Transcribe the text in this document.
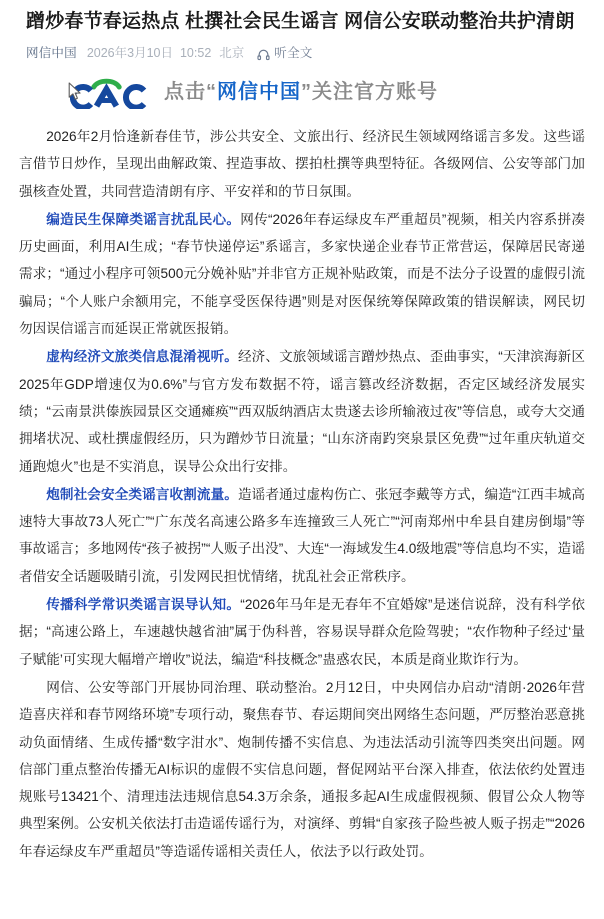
蹭炒春节春运热点 杜撰社会民生谣言 网信公安联动整治共护清朗
网信中国 2026年3月10日 10:52 北京 听全文
点击“网信中国”关注官方账号

2026年2月恰逢新春佳节，涉公共安全、文旅出行、经济民生领域网络谣言多发。这些谣言借节日炒作，呈现出曲解政策、捏造事故、摆拍杜撰等典型特征。各级网信、公安等部门加强核查处置，共同营造清朗有序、平安祥和的节日氛围。

编造民生保障类谣言扰乱民心。网传“2026年春运绿皮车严重超员”视频，相关内容系拼凑历史画面，利用AI生成；“春节快递停运”系谣言，多家快递企业春节正常营运，保障居民寄递需求；“通过小程序可领500元分娩补贴”并非官方正规补贴政策，而是不法分子设置的虚假引流骗局；“个人账户余额用完，不能享受医保待遇”则是对医保统筹保障政策的错误解读，网民切勿因误信谣言而延误正常就医报销。

虚构经济文旅类信息混淆视听。经济、文旅领域谣言蹭炒热点、歪曲事实，“天津滨海新区2025年GDP增速仅为0.6%”与官方发布数据不符，谣言篡改经济数据，否定区域经济发展实绩；“云南景洪傣族园景区交通瘫痪”“西双版纳酒店太贵遂去诊所输液过夜”等信息，或夸大交通拥堵状况、或杜撰虚假经历，只为蹭炒节日流量；“山东济南趵突泉景区免费”“过年重庆轨道交通跑熄火”也是不实消息，误导公众出行安排。

炮制社会安全类谣言收割流量。造谣者通过虚构伤亡、张冠李戴等方式，编造“江西丰城高速特大事故73人死亡”“广东茂名高速公路多车连撞致三人死亡”“河南郑州中牟县自建房倒塌”等事故谣言；多地网传“孩子被拐”“人贩子出没”、大连“一海域发生4.0级地震”等信息均不实，造谣者借安全话题吸睛引流，引发网民担忧情绪，扰乱社会正常秩序。

传播科学常识类谣言误导认知。“2026年马年是无春年不宜婚嫁”是迷信说辞，没有科学依据；“高速公路上，车速越快越省油”属于伪科普，容易误导群众危险驾驶；“农作物种子经过‘量子赋能’可实现大幅增产增收”说法，编造“科技概念”蛊惑农民，本质是商业欺诈行为。

网信、公安等部门开展协同治理、联动整治。2月12日，中央网信办启动“清朗·2026年营造喜庆祥和春节网络环境”专项行动，聚焦春节、春运期间突出网络生态问题，严厉整治恶意挑动负面情绪、生成传播“数字泔水”、炮制传播不实信息、为违法活动引流等四类突出问题。网信部门重点整治传播无AI标识的虚假不实信息问题，督促网站平台深入排查，依法依约处置违规账号13421个、清理违法违规信息54.3万余条，通报多起AI生成虚假视频、假冒公众人物等典型案例。公安机关依法打击造谣传谣行为，对演绎、剪辑“自家孩子险些被人贩子拐走”“2026年春运绿皮车严重超员”等造谣传谣相关责任人，依法予以行政处罚。
